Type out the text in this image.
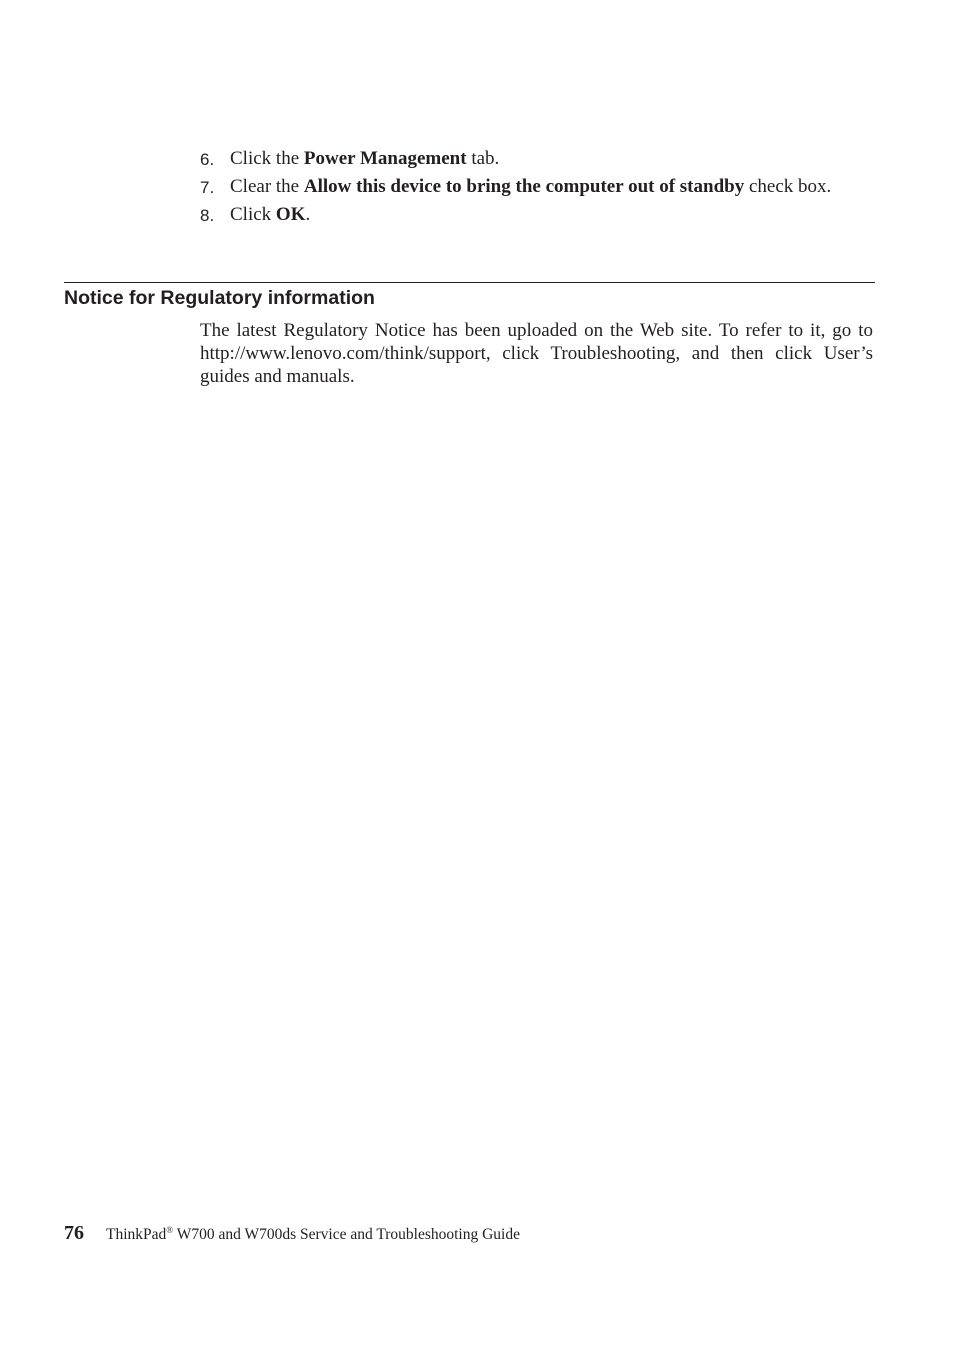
6. Click the Power Management tab.
7. Clear the Allow this device to bring the computer out of standby check box.
8. Click OK.
Notice for Regulatory information

The latest Regulatory Notice has been uploaded on the Web site. To refer to it, go to http://www.lenovo.com/think/support, click Troubleshooting, and then click User’s guides and manuals.

76 ThinkPad® W700 and W700ds Service and Troubleshooting Guide
